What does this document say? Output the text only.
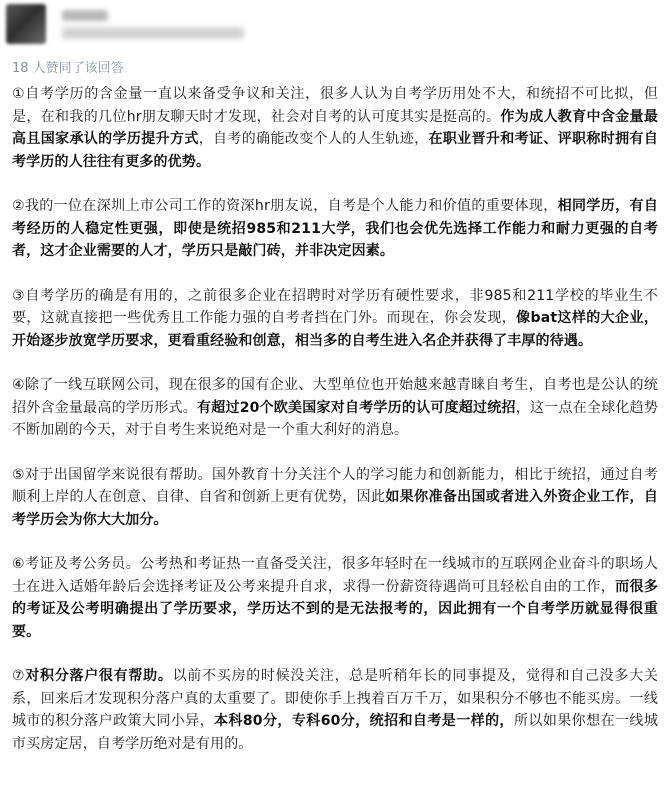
18 人赞同了该回答

①自考学历的含金量一直以来备受争议和关注，很多人认为自考学历用处不大，和统招不可比拟，但是，在和我的几位hr朋友聊天时才发现，社会对自考的认可度其实是挺高的。作为成人教育中含金量最高且国家承认的学历提升方式，自考的确能改变个人的人生轨迹，在职业晋升和考证、评职称时拥有自考学历的人往往有更多的优势。

②我的一位在深圳上市公司工作的资深hr朋友说，自考是个人能力和价值的重要体现，相同学历，有自考经历的人稳定性更强，即使是统招985和211大学，我们也会优先选择工作能力和耐力更强的自考者，这才企业需要的人才，学历只是敲门砖，并非决定因素。

③自考学历的确是有用的，之前很多企业在招聘时对学历有硬性要求，非985和211学校的毕业生不要，这就直接把一些优秀且工作能力强的自考者挡在门外。而现在，你会发现，像bat这样的大企业，开始逐步放宽学历要求，更看重经验和创意，相当多的自考生进入名企并获得了丰厚的待遇。

④除了一线互联网公司，现在很多的国有企业、大型单位也开始越来越青睐自考生，自考也是公认的统招外含金量最高的学历形式。有超过20个欧美国家对自考学历的认可度超过统招，这一点在全球化趋势不断加剧的今天，对于自考生来说绝对是一个重大利好的消息。

⑤对于出国留学来说很有帮助。国外教育十分关注个人的学习能力和创新能力，相比于统招，通过自考顺利上岸的人在创意、自律、自省和创新上更有优势，因此如果你准备出国或者进入外资企业工作，自考学历会为你大大加分。

⑥考证及考公务员。公考热和考证热一直备受关注，很多年轻时在一线城市的互联网企业奋斗的职场人士在进入适婚年龄后会选择考证及公考来提升自求，求得一份薪资待遇尚可且轻松自由的工作，而很多的考证及公考明确提出了学历要求，学历达不到的是无法报考的，因此拥有一个自考学历就显得很重要。

⑦对积分落户很有帮助。以前不买房的时候没关注，总是听稍年长的同事提及，觉得和自己没多大关系，回来后才发现积分落户真的太重要了。即使你手上拽着百万千万，如果积分不够也不能买房。一线城市的积分落户政策大同小异，本科80分，专科60分，统招和自考是一样的，所以如果你想在一线城市买房定居，自考学历绝对是有用的。
